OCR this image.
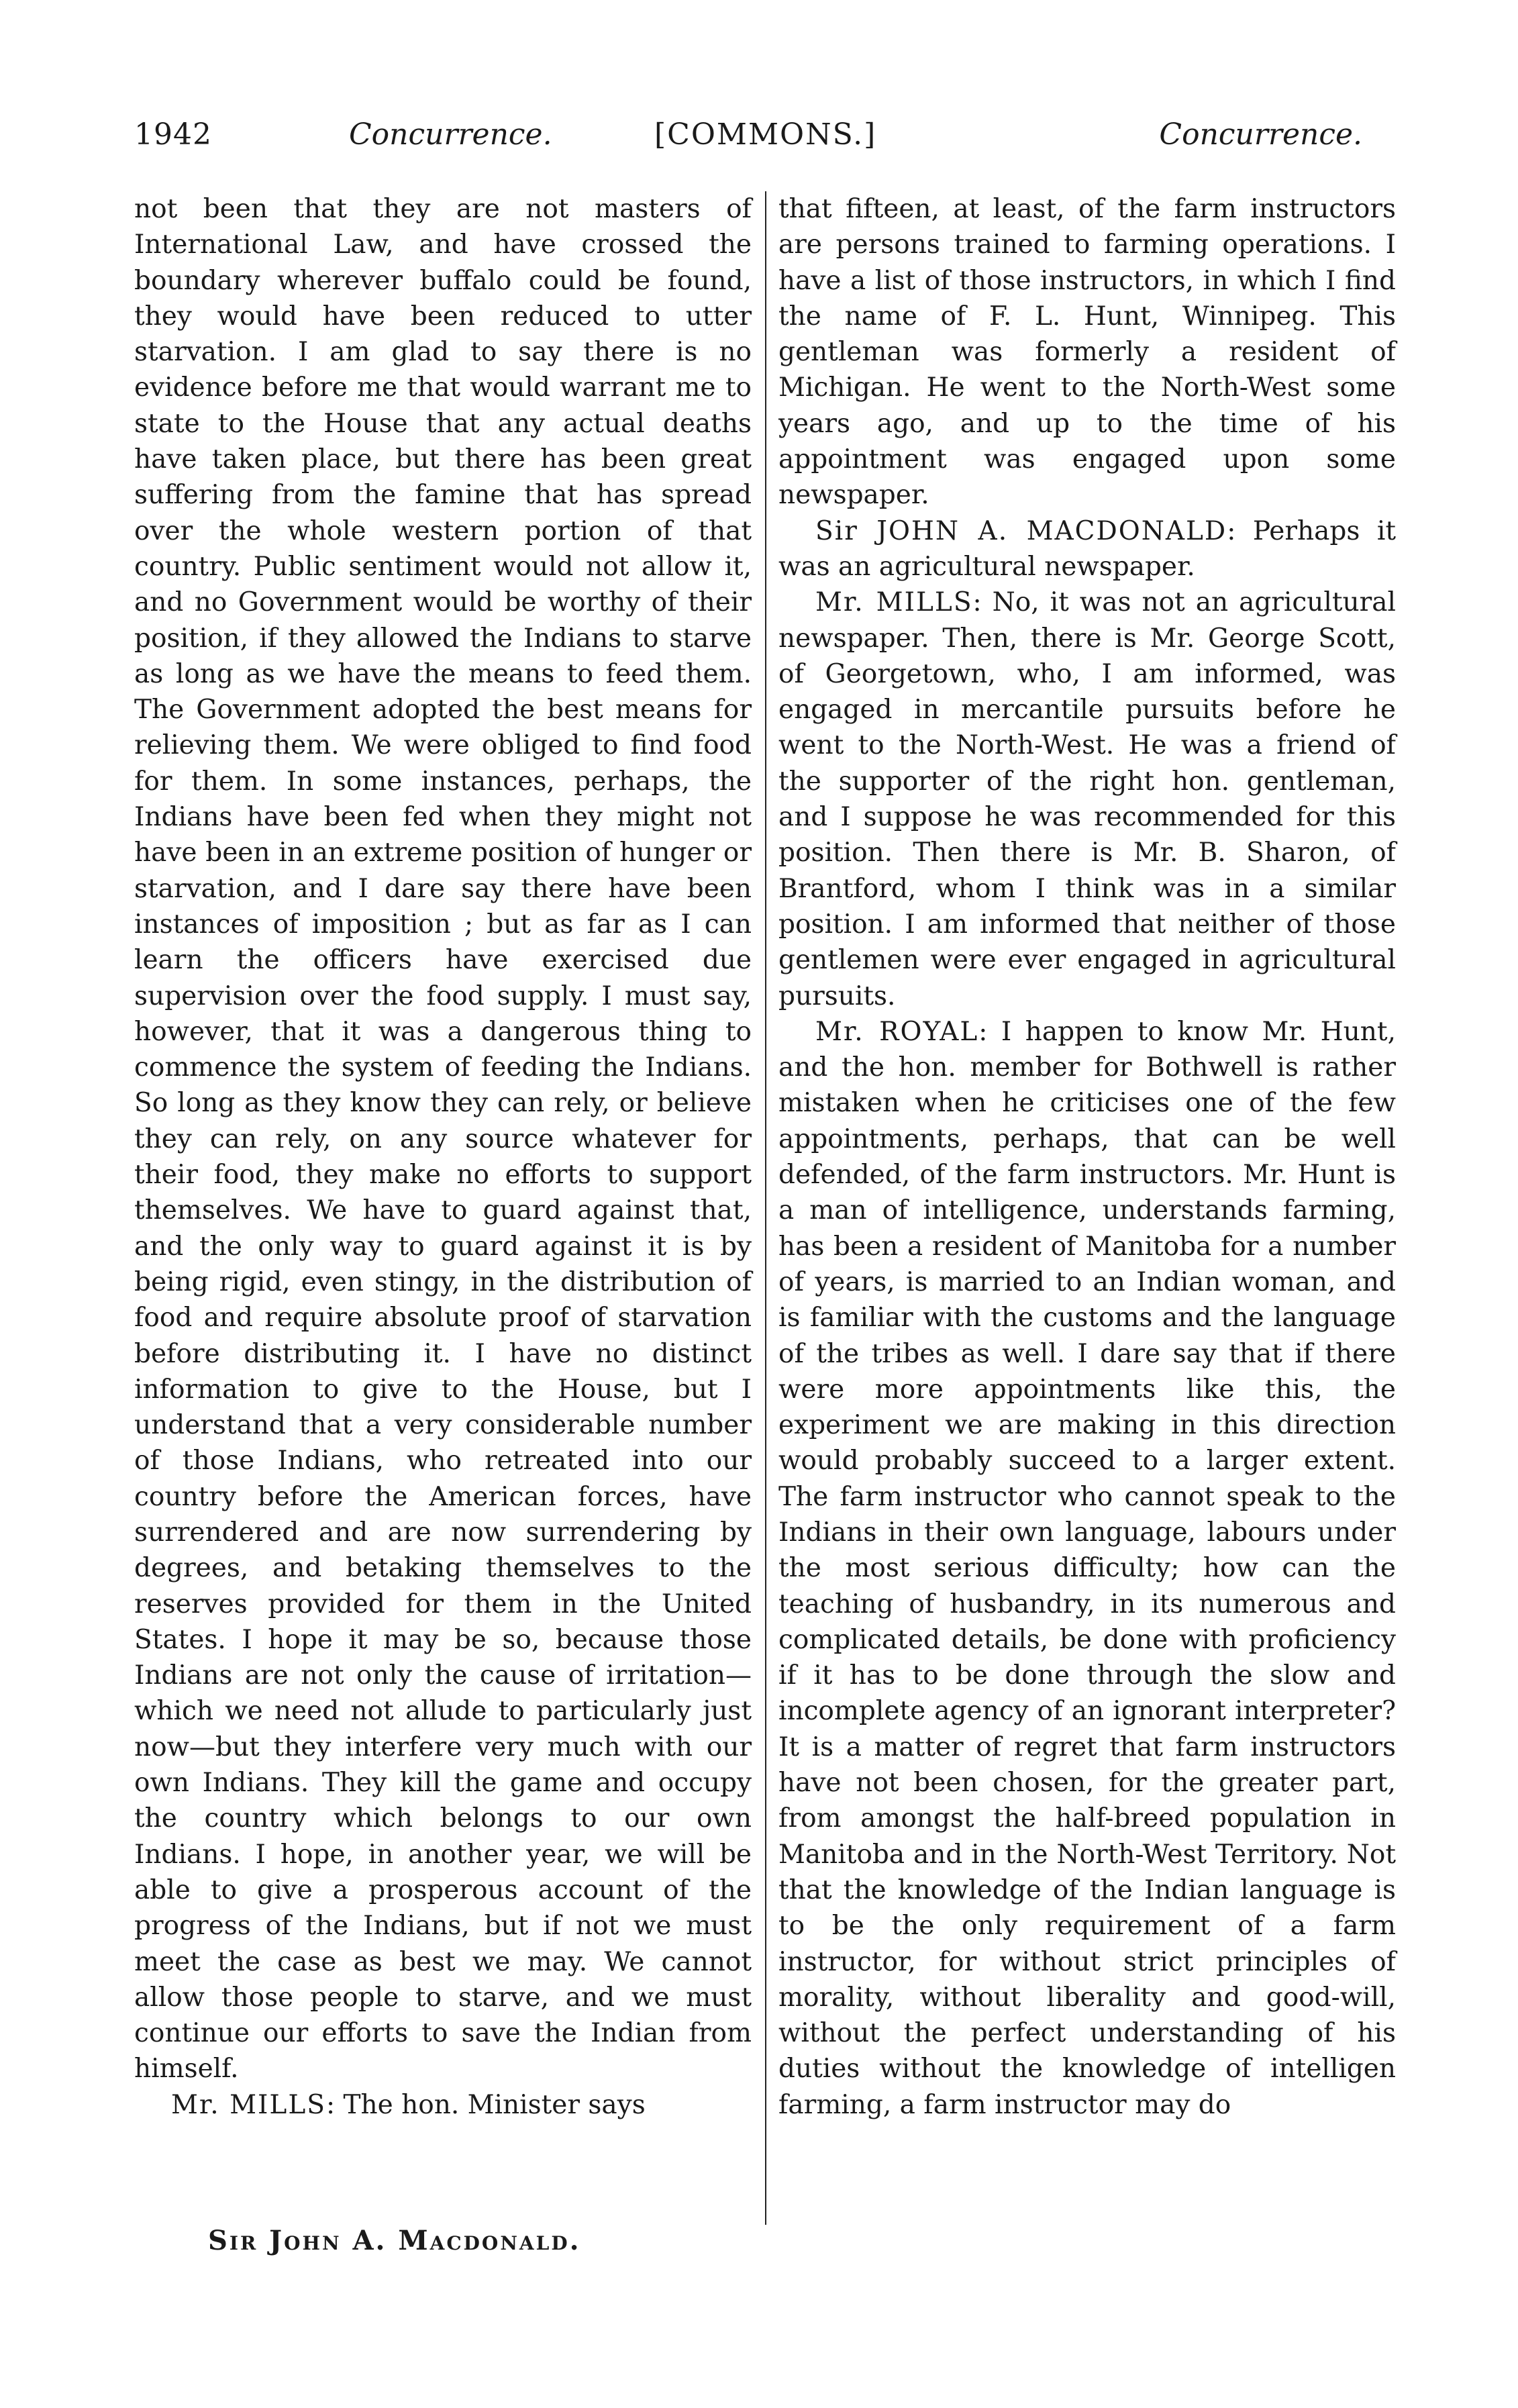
1942	Concurrence.	[COMMONS.]	Concurrence.

not been that they are not masters of International Law, and have crossed the boundary wherever buffalo could be found, they would have been reduced to utter starvation. I am glad to say there is no evidence before me that would warrant me to state to the House that any actual deaths have taken place, but there has been great suffering from the famine that has spread over the whole western portion of that country. Public sentiment would not allow it, and no Government would be worthy of their position, if they allowed the Indians to starve as long as we have the means to feed them. The Government adopted the best means for relieving them. We were obliged to find food for them. In some instances, perhaps, the Indians have been fed when they might not have been in an extreme position of hunger or starvation, and I dare say there have been instances of imposition ; but as far as I can learn the officers have exercised due supervision over the food supply. I must say, however, that it was a dangerous thing to commence the system of feeding the Indians. So long as they know they can rely, or believe they can rely, on any source whatever for their food, they make no efforts to support themselves. We have to guard against that, and the only way to guard against it is by being rigid, even stingy, in the distribution of food and require absolute proof of starvation before distributing it. I have no distinct information to give to the House, but I understand that a very considerable number of those Indians, who retreated into our country before the American forces, have surrendered and are now surrendering by degrees, and betaking themselves to the reserves provided for them in the United States. I hope it may be so, because those Indians are not only the cause of irritation—which we need not allude to particularly just now—but they interfere very much with our own Indians. They kill the game and occupy the country which belongs to our own Indians. I hope, in another year, we will be able to give a prosperous account of the progress of the Indians, but if not we must meet the case as best we may. We cannot allow those people to starve, and we must continue our efforts to save the Indian from himself.

Mr. MILLS: The hon. Minister says

that fifteen, at least, of the farm instructors are persons trained to farming operations. I have a list of those instructors, in which I find the name of F. L. Hunt, Winnipeg. This gentleman was formerly a resident of Michigan. He went to the North-West some years ago, and up to the time of his appointment was engaged upon some newspaper.

Sir JOHN A. MACDONALD: Perhaps it was an agricultural newspaper.

Mr. MILLS: No, it was not an agricultural newspaper. Then, there is Mr. George Scott, of Georgetown, who, I am informed, was engaged in mercantile pursuits before he went to the North-West. He was a friend of the supporter of the right hon. gentleman, and I suppose he was recommended for this position. Then there is Mr. B. Sharon, of Brantford, whom I think was in a similar position. I am informed that neither of those gentlemen were ever engaged in agricultural pursuits.

Mr. ROYAL: I happen to know Mr. Hunt, and the hon. member for Bothwell is rather mistaken when he criticises one of the few appointments, perhaps, that can be well defended, of the farm instructors. Mr. Hunt is a man of intelligence, understands farming, has been a resident of Manitoba for a number of years, is married to an Indian woman, and is familiar with the customs and the language of the tribes as well. I dare say that if there were more appointments like this, the experiment we are making in this direction would probably succeed to a larger extent. The farm instructor who cannot speak to the Indians in their own language, labours under the most serious difficulty; how can the teaching of husbandry, in its numerous and complicated details, be done with proficiency if it has to be done through the slow and incomplete agency of an ignorant interpreter? It is a matter of regret that farm instructors have not been chosen, for the greater part, from amongst the half-breed population in Manitoba and in the North-West Territory. Not that the knowledge of the Indian language is to be the only requirement of a farm instructor, for without strict principles of morality, without liberality and good-will, without the perfect understanding of his duties without the knowledge of intelligen farming, a farm instructor may do

Sir John A. Macdonald.
